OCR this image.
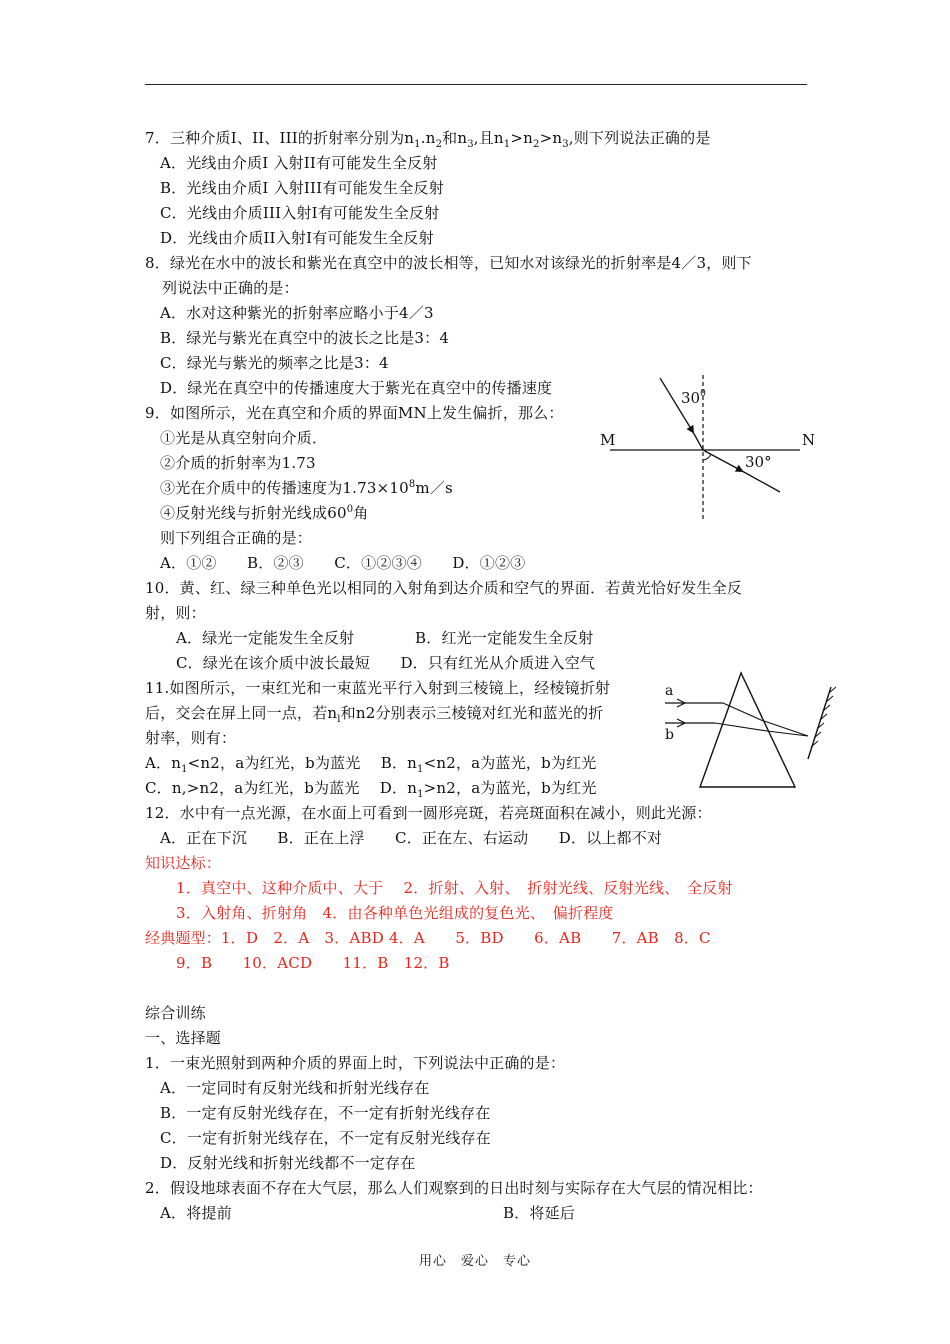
7．三种介质I、II、III的折射率分别为$n_1.n_2$和$n_3$,且$n_1>n_2>n_3$,则下列说法正确的是
A．光线由介质I 入射II有可能发生全反射
B．光线由介质I 入射III有可能发生全反射
C．光线由介质III入射I有可能发生全反射
D．光线由介质II入射I有可能发生全反射
8．绿光在水中的波长和紫光在真空中的波长相等，已知水对该绿光的折射率是4／3，则下
列说法中正确的是：
A．水对这种紫光的折射率应略小于4／3
B．绿光与紫光在真空中的波长之比是3：4
C．绿光与紫光的频率之比是3：4
D．绿光在真空中的传播速度大于紫光在真空中的传播速度
9．如图所示，光在真空和介质的界面MN上发生偏折，那么：
①光是从真空射向介质．
②介质的折射率为1.73
③光在介质中的传播速度为$1.73\times 10^8m/s$
④反射光线与折射光线成$60^0$角
则下列组合正确的是：
A．①②　　B．②③　　C．①②③④　　D．①②③
$30^0$
M	N
30°
10．黄、红、绿三种单色光以相同的入射角到达介质和空气的界面．若黄光恰好发生全反
射，则：
A．绿光一定能发生全反射　　　　B．红光一定能发生全反射
C．绿光在该介质中波长最短　　D．只有红光从介质进入空气
11.如图所示，一束红光和一束蓝光平行入射到三棱镜上，经棱镜折射
后，交会在屏上同一点，若$n_l$和n2分别表示三棱镜对红光和蓝光的折
射率，则有：
A．$n_1<n2$，a为红光，b为蓝光　 B．$n_1<n2$，a为蓝光，b为红光
C．n,>n2，a为红光，b为蓝光　 D．$n_1>n2$，a为蓝光，b为红光
a
b
12．水中有一点光源，在水面上可看到一圆形亮斑，若亮斑面积在减小，则此光源：
A．正在下沉　　B．正在上浮　　C．正在左、右运动　　D．以上都不对
知识达标：
1．真空中、这种介质中、大于　 2．折射、入射、　折射光线、反射光线、　全反射
3．入射角、折射角　4．由各种单色光组成的复色光、　偏折程度
经典题型：1．D　2．A　3．ABD 4．A　　5．BD　　6．AB　　7．AB　8．C
9．B　　10．ACD　　11．B　12．B
综合训练
一、选择题
1．一束光照射到两种介质的界面上时，下列说法中正确的是：
A．一定同时有反射光线和折射光线存在
B．一定有反射光线存在，不一定有折射光线存在
C．一定有折射光线存在，不一定有反射光线存在
D．反射光线和折射光线都不一定存在
2．假设地球表面不存在大气层，那么人们观察到的日出时刻与实际存在大气层的情况相比：
A．将提前	B．将延后
用心　爱心　专心
